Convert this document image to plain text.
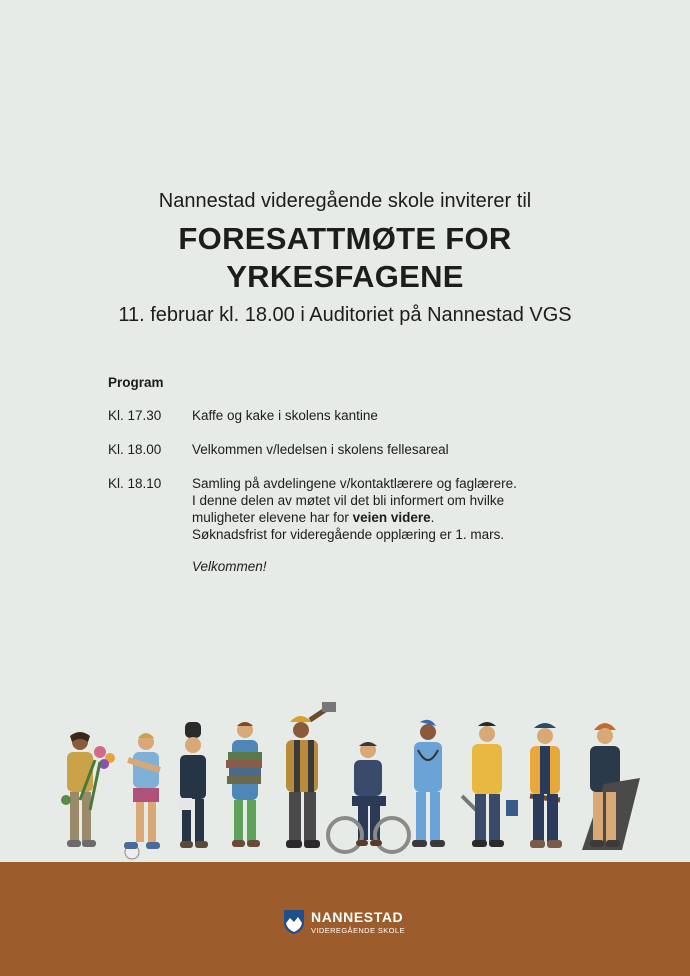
Nannestad videregående skole inviterer til
FORESATTMØTE FOR
YRKESFAGENE
11. februar kl. 18.00 i Auditoriet på Nannestad VGS
Program
Kl. 17.30	Kaffe og kake i skolens kantine
Kl. 18.00	Velkommen v/ledelsen i skolens fellesareal
Kl. 18.10	Samling på avdelingene v/kontaktlærere og faglærere.
I denne delen av møtet vil det bli informert om hvilke
muligheter elevene har for veien videre.
Søknadsfrist for videregående opplæring er 1. mars.
Velkommen!
NANNESTAD
VIDEREGÅENDE SKOLE
